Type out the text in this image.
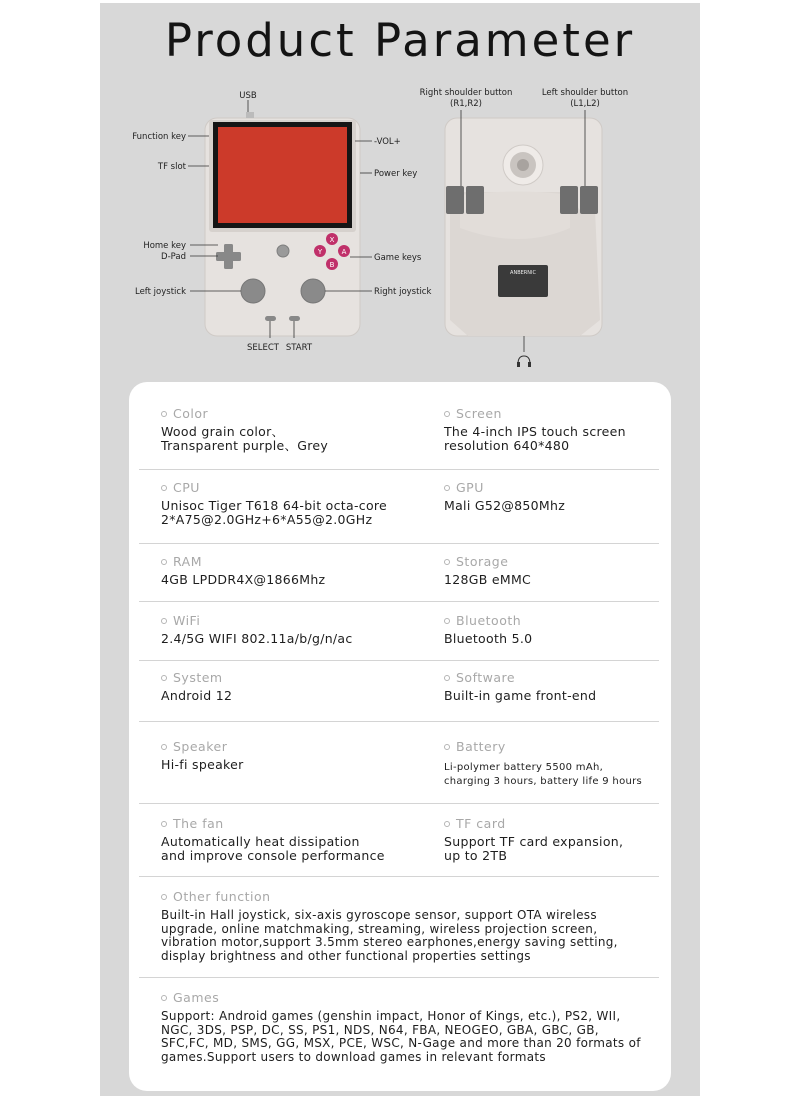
Product Parameter
X
Y	A
B
USB
Function key
TF slot
Home key
D-Pad
Left joystick
-VOL+
Power key
Game keys
Right joystick
SELECT START
ANBERNIC
Right shoulder button
(R1,R2)
Left shoulder button
(L1,L2)
Color
Wood grain color、
Transparent purple、Grey
Screen
The 4-inch IPS touch screen
resolution 640*480
CPU
Unisoc Tiger T618 64-bit octa-core
2*A75@2.0GHz+6*A55@2.0GHz
GPU
Mali G52@850Mhz
RAM
4GB LPDDR4X@1866Mhz
Storage
128GB eMMC
WiFi
2.4/5G WIFI 802.11a/b/g/n/ac
Bluetooth
Bluetooth 5.0
System
Android 12
Software
Built-in game front-end
Speaker
Hi-fi speaker
Battery
Li-polymer battery 5500 mAh,
charging 3 hours, battery life 9 hours
The fan
Automatically heat dissipation
and improve console performance
TF card
Support TF card expansion,
up to 2TB
Other function
Built-in Hall joystick, six-axis gyroscope sensor, support OTA wireless
upgrade, online matchmaking, streaming, wireless projection screen,
vibration motor,support 3.5mm stereo earphones,energy saving setting,
display brightness and other functional properties settings
Games
Support: Android games (genshin impact, Honor of Kings, etc.), PS2, WII,
NGC, 3DS, PSP, DC, SS, PS1, NDS, N64, FBA, NEOGEO, GBA, GBC, GB,
SFC,FC, MD, SMS, GG, MSX, PCE, WSC, N-Gage and more than 20 formats of
games.Support users to download games in relevant formats
